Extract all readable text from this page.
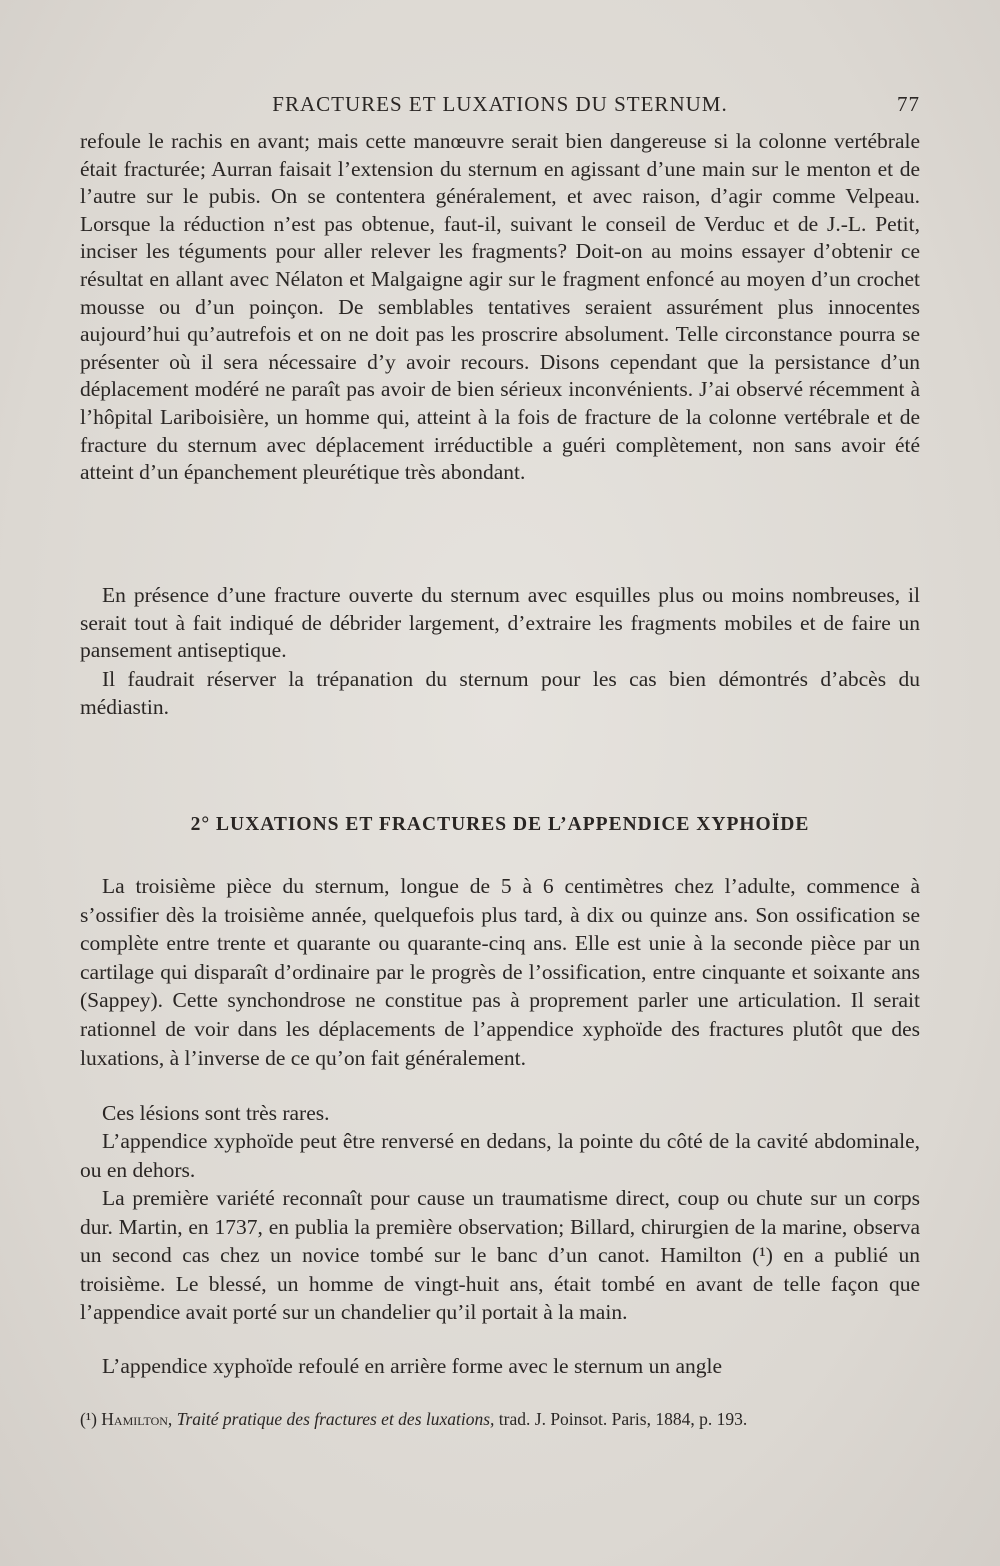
FRACTURES ET LUXATIONS DU STERNUM.	77

refoule le rachis en avant; mais cette manœuvre serait bien dangereuse si la colonne vertébrale était fracturée; Aurran faisait l’extension du sternum en agissant d’une main sur le menton et de l’autre sur le pubis. On se contentera généralement, et avec raison, d’agir comme Velpeau. Lorsque la réduction n’est pas obtenue, faut-il, suivant le conseil de Verduc et de J.-L. Petit, inciser les téguments pour aller relever les fragments? Doit-on au moins essayer d’obtenir ce résultat en allant avec Nélaton et Malgaigne agir sur le fragment enfoncé au moyen d’un crochet mousse ou d’un poinçon. De semblables tentatives seraient assurément plus innocentes aujourd’hui qu’autrefois et on ne doit pas les proscrire absolument. Telle circonstance pourra se présenter où il sera nécessaire d’y avoir recours. Disons cependant que la persistance d’un déplacement modéré ne paraît pas avoir de bien sérieux inconvénients. J’ai observé récemment à l’hôpital Lariboisière, un homme qui, atteint à la fois de fracture de la colonne vertébrale et de fracture du sternum avec déplacement irréductible a guéri complètement, non sans avoir été atteint d’un épanchement pleurétique très abondant.

En présence d’une fracture ouverte du sternum avec esquilles plus ou moins nombreuses, il serait tout à fait indiqué de débrider largement, d’extraire les fragments mobiles et de faire un pansement antiseptique.

Il faudrait réserver la trépanation du sternum pour les cas bien démontrés d’abcès du médiastin.

2° LUXATIONS ET FRACTURES DE L’APPENDICE XYPHOÏDE

La troisième pièce du sternum, longue de 5 à 6 centimètres chez l’adulte, commence à s’ossifier dès la troisième année, quelquefois plus tard, à dix ou quinze ans. Son ossification se complète entre trente et quarante ou quarante-cinq ans. Elle est unie à la seconde pièce par un cartilage qui disparaît d’ordinaire par le progrès de l’ossification, entre cinquante et soixante ans (Sappey). Cette synchondrose ne constitue pas à proprement parler une articulation. Il serait rationnel de voir dans les déplacements de l’appendice xyphoïde des fractures plutôt que des luxations, à l’inverse de ce qu’on fait généralement.

Ces lésions sont très rares.

L’appendice xyphoïde peut être renversé en dedans, la pointe du côté de la cavité abdominale, ou en dehors.

La première variété reconnaît pour cause un traumatisme direct, coup ou chute sur un corps dur. Martin, en 1737, en publia la première observation; Billard, chirurgien de la marine, observa un second cas chez un novice tombé sur le banc d’un canot. Hamilton (¹) en a publié un troisième. Le blessé, un homme de vingt-huit ans, était tombé en avant de telle façon que l’appendice avait porté sur un chandelier qu’il portait à la main.

L’appendice xyphoïde refoulé en arrière forme avec le sternum un angle

(¹) Hamilton, Traité pratique des fractures et des luxations, trad. J. Poinsot. Paris, 1884, p. 193.
